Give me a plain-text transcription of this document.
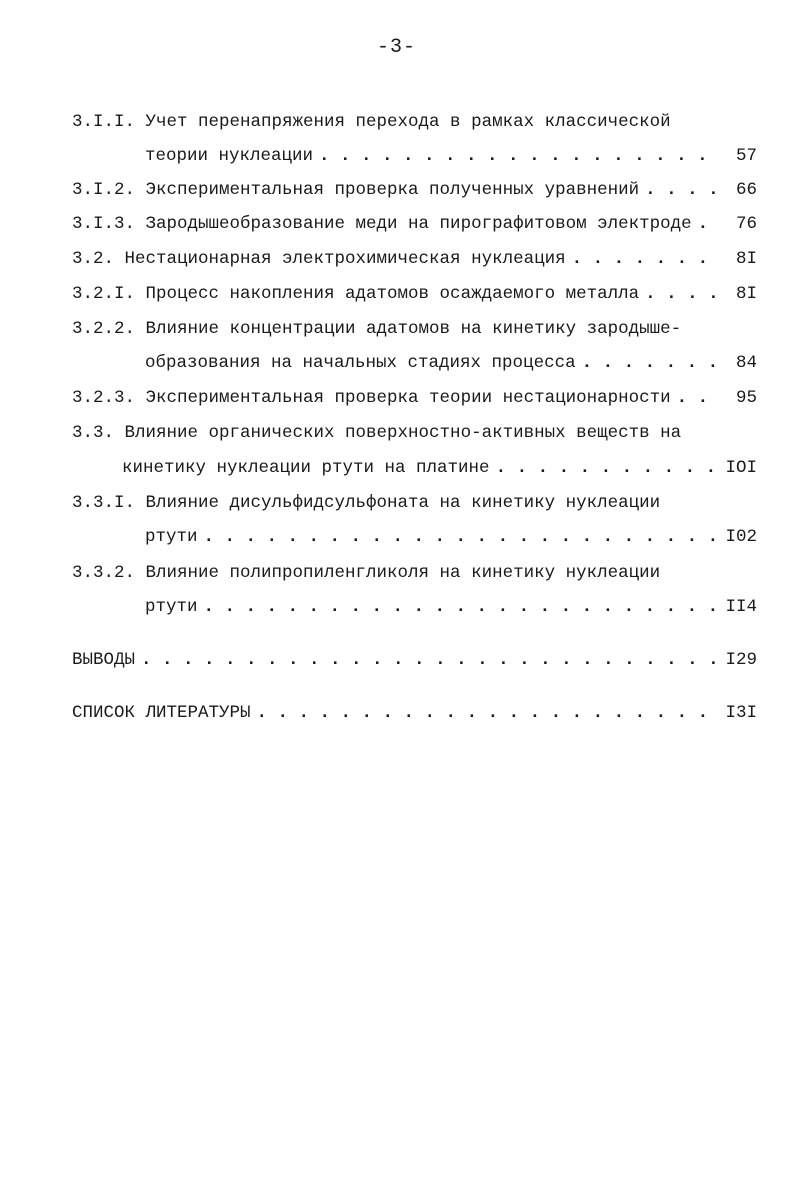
-3-
3.I.I. Учет перенапряжения перехода в рамках классической
теории нуклеации . .	57
3.I.2. Экспериментальная проверка полученных уравнений . .	66
3.I.3. Зародышеобразование меди на пирографитовом электроде . .	76
3.2. Нестационарная электрохимическая нуклеация . .	8I
3.2.I. Процесс накопления адатомов осаждаемого металла . .	8I
3.2.2. Влияние концентрации адатомов на кинетику зародыше-
образования на начальных стадиях процесса . .	84
3.2.3. Экспериментальная проверка теории нестационарности . .	95
3.3. Влияние органических поверхностно-активных веществ на
кинетику нуклеации ртути на платине . .	IOI
3.3.I. Влияние дисульфидсульфоната на кинетику нуклеации
ртути . .	I02
3.3.2. Влияние полипропиленгликоля на кинетику нуклеации
ртути . .	II4
ВЫВОДЫ . .	I29
СПИСОК ЛИТЕРАТУРЫ . .	I3I
